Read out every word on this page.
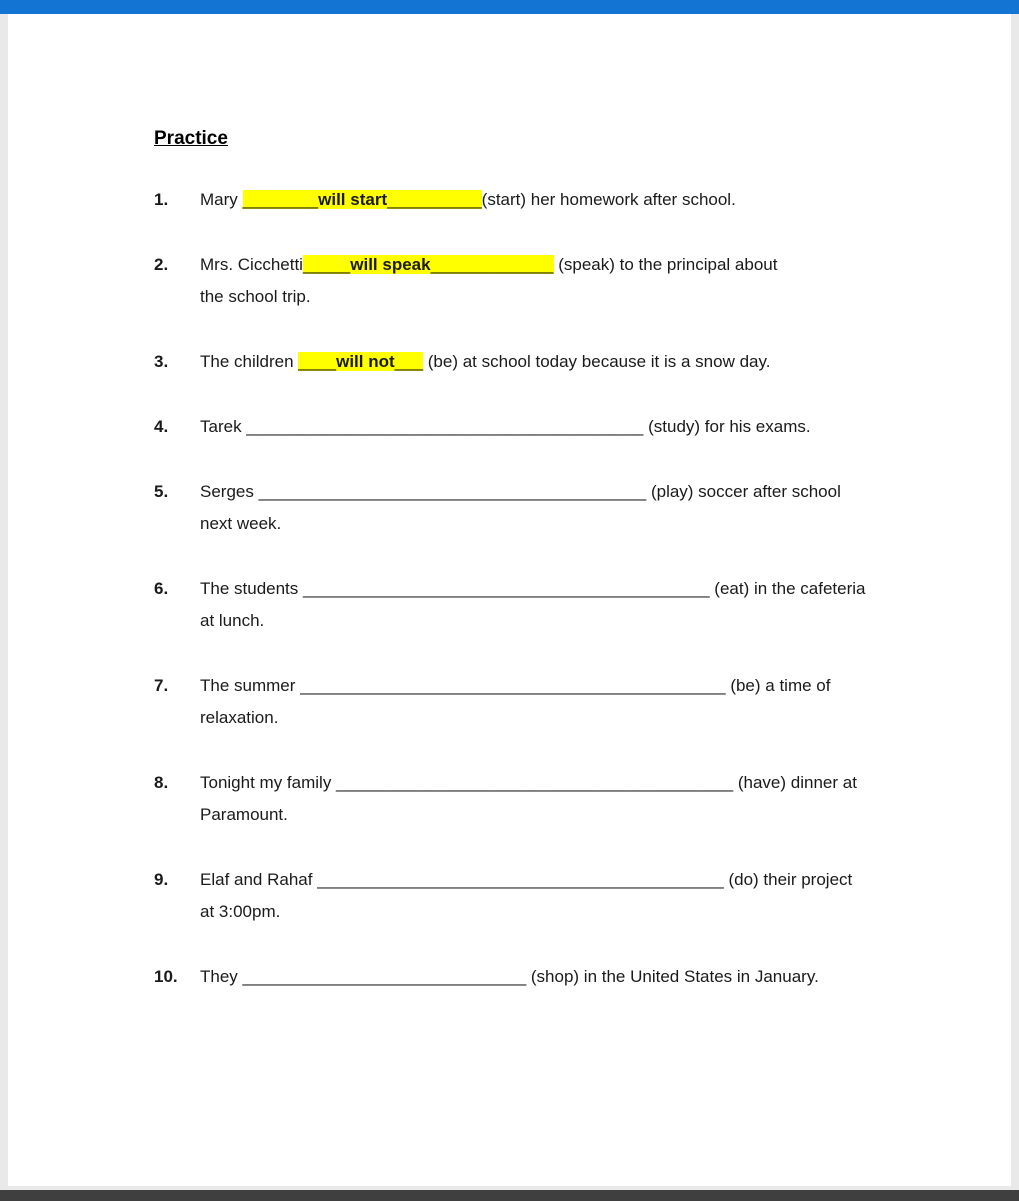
Practice
1.	Mary ________will start__________(start) her homework after school.
2.	Mrs. Cicchetti_____will speak_____________ (speak) to the principal about
the school trip.
3.	The children ____will not___ (be) at school today because it is a snow day.
4.	Tarek __________________________________________ (study) for his exams.
5.	Serges _________________________________________ (play) soccer after school
next week.
6.	The students ___________________________________________ (eat) in the cafeteria
at lunch.
7.	The summer _____________________________________________ (be) a time of
relaxation.
8.	Tonight my family __________________________________________ (have) dinner at
Paramount.
9.	Elaf and Rahaf ___________________________________________ (do) their project
at 3:00pm.
10.	They ______________________________ (shop) in the United States in January.
